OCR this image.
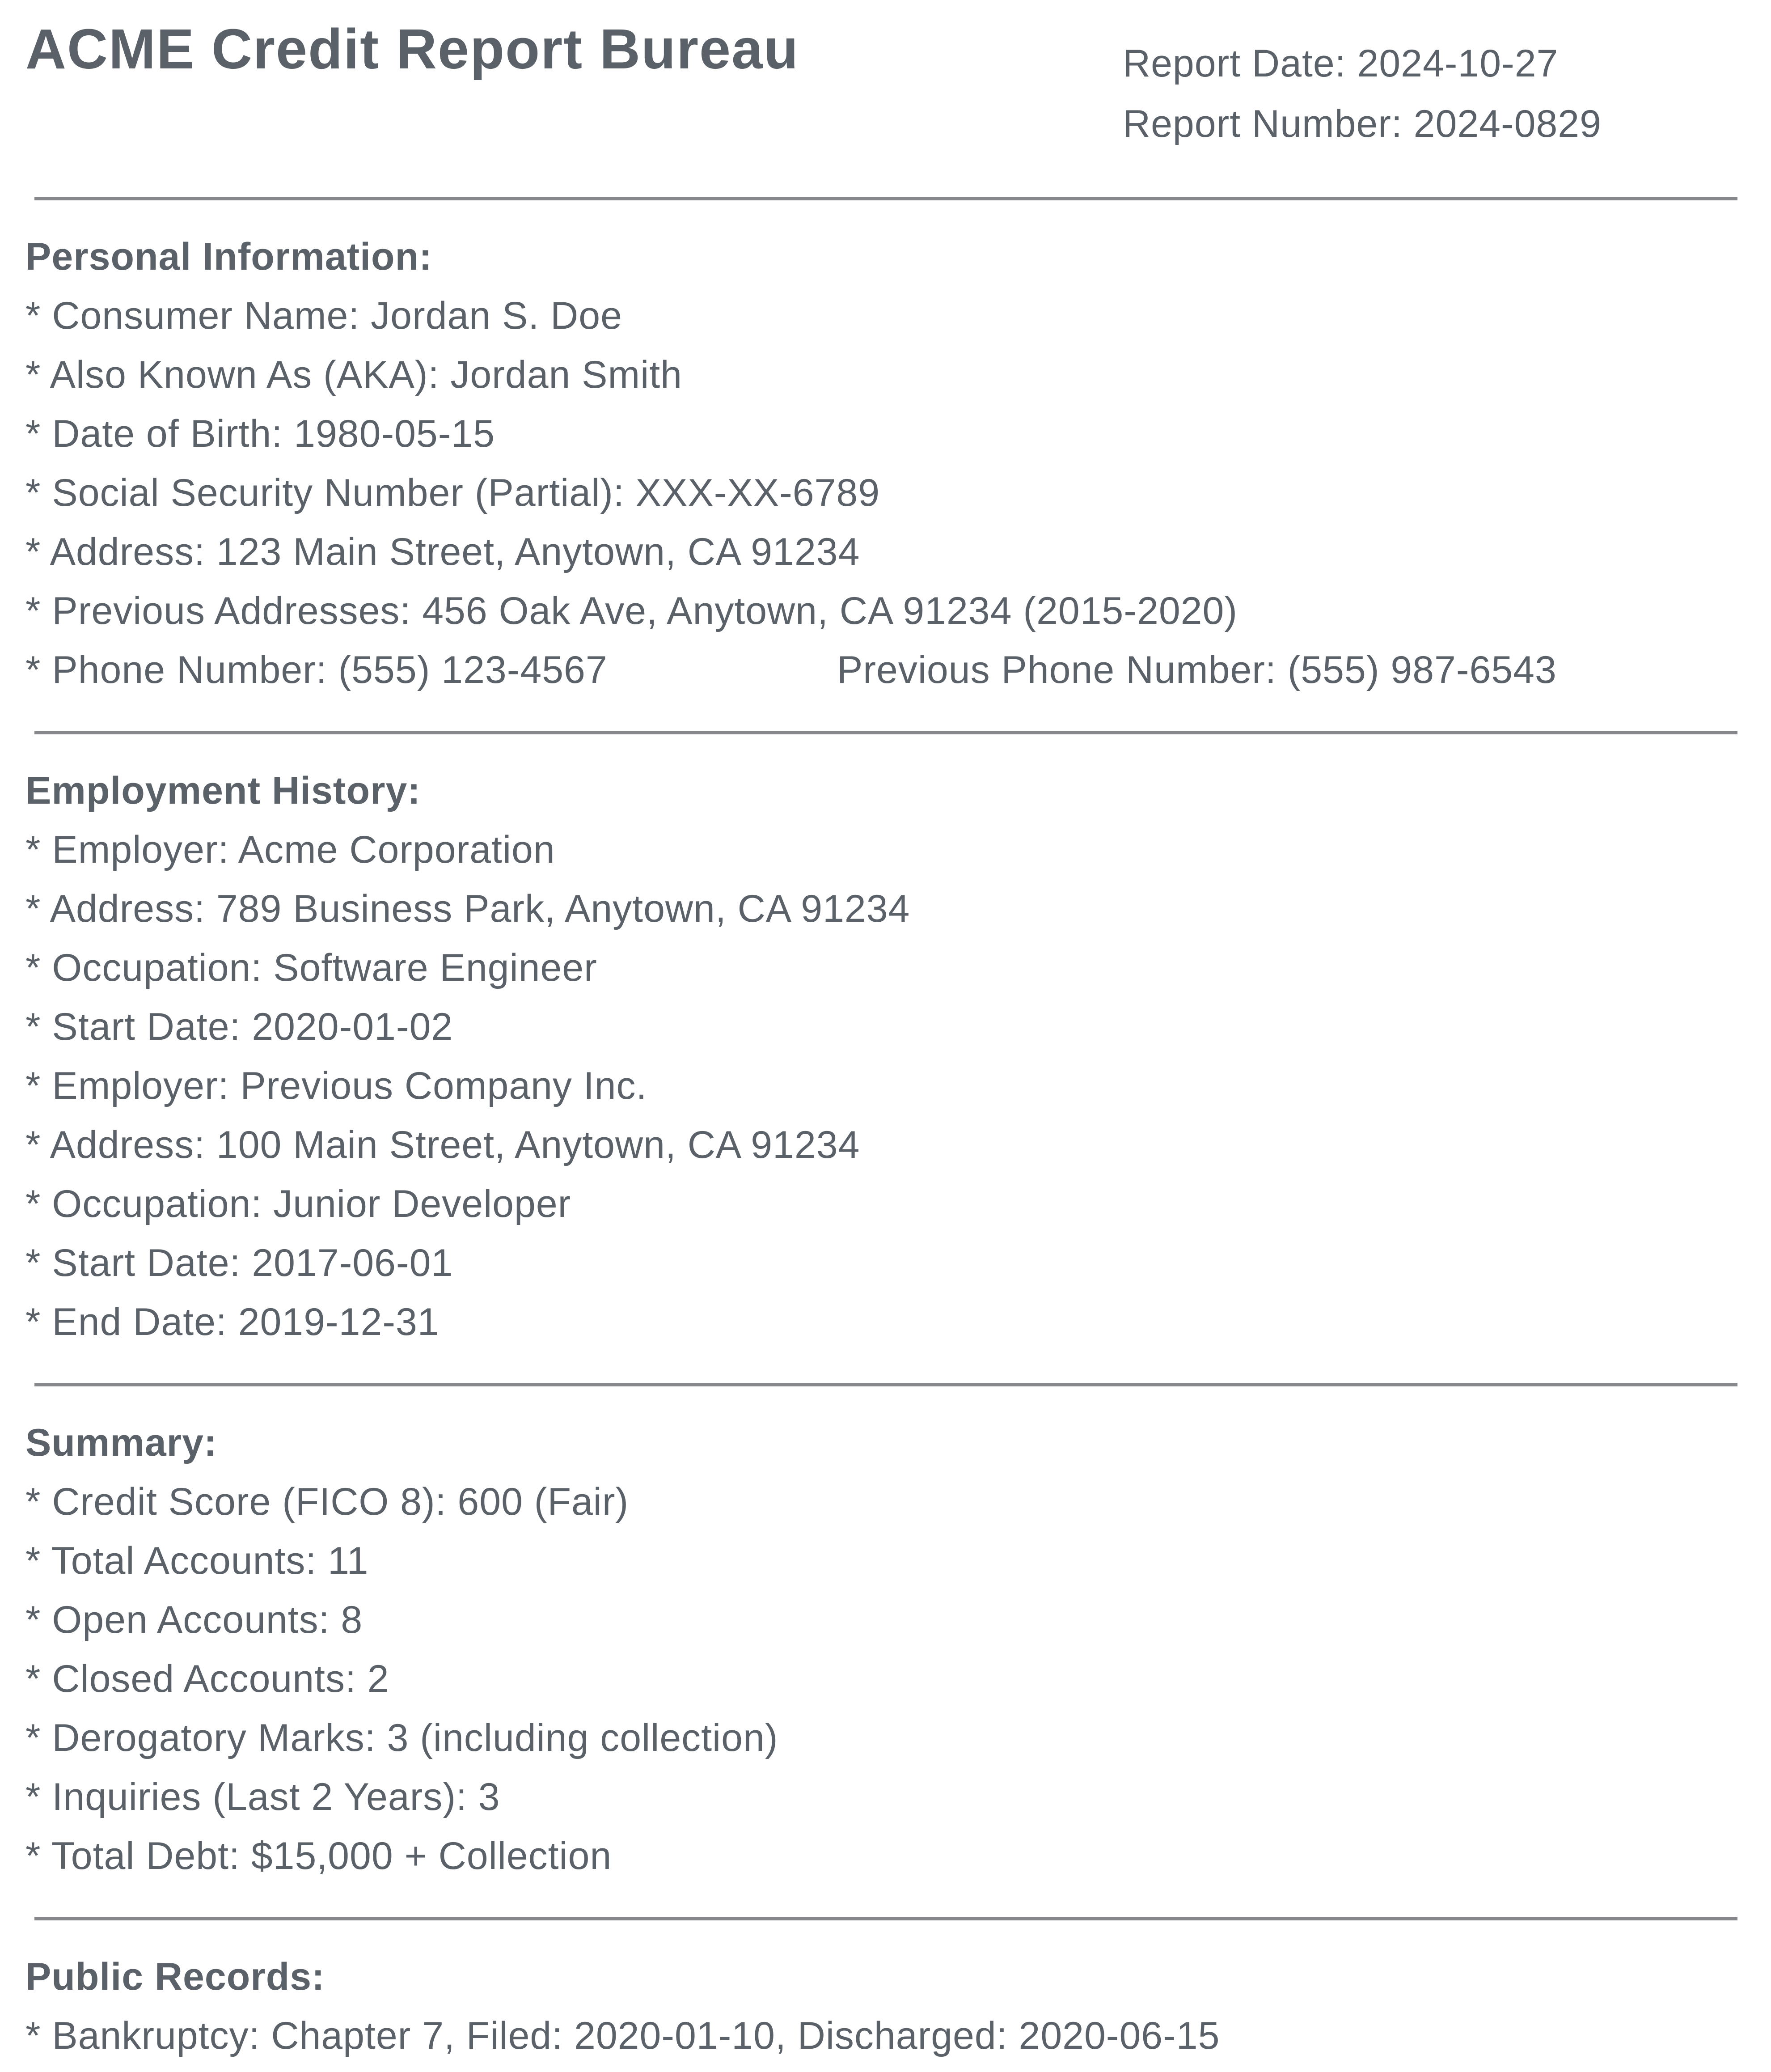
ACME Credit Report Bureau	Report Date: 2024-10-27
Report Number: 2024-0829
Personal Information:
* Consumer Name: Jordan S. Doe
* Also Known As (AKA): Jordan Smith
* Date of Birth: 1980-05-15
* Social Security Number (Partial): XXX-XX-6789
* Address: 123 Main Street, Anytown, CA 91234
* Previous Addresses: 456 Oak Ave, Anytown, CA 91234 (2015-2020)
* Phone Number: (555) 123-4567	Previous Phone Number: (555) 987-6543
Employment History:
* Employer: Acme Corporation
* Address: 789 Business Park, Anytown, CA 91234
* Occupation: Software Engineer
* Start Date: 2020-01-02
* Employer: Previous Company Inc.
* Address: 100 Main Street, Anytown, CA 91234
* Occupation: Junior Developer
* Start Date: 2017-06-01
* End Date: 2019-12-31
Summary:
* Credit Score (FICO 8): 600 (Fair)
* Total Accounts: 11
* Open Accounts: 8
* Closed Accounts: 2
* Derogatory Marks: 3 (including collection)
* Inquiries (Last 2 Years): 3
* Total Debt: $15,000 + Collection
Public Records:
* Bankruptcy: Chapter 7, Filed: 2020-01-10, Discharged: 2020-06-15
